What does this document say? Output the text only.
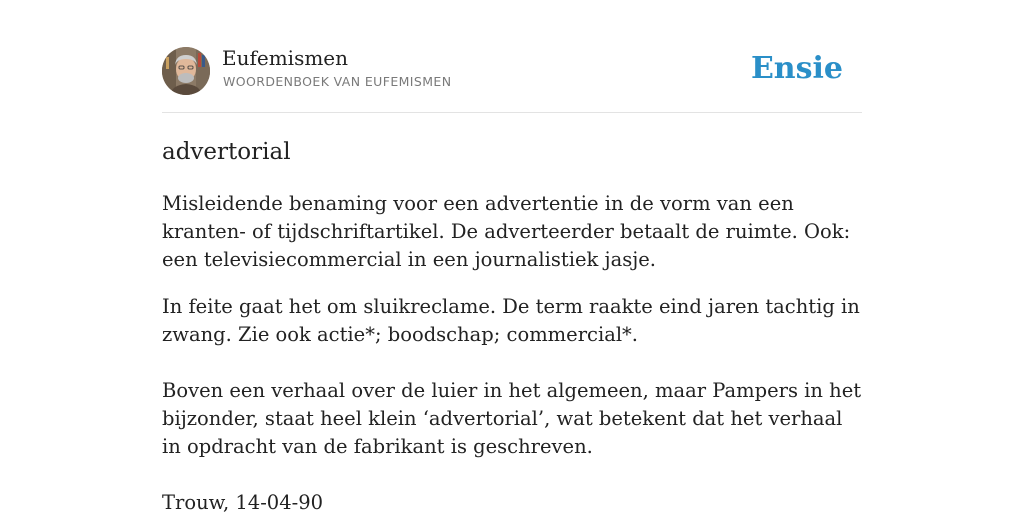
Eufemismen
WOORDENBOEK VAN EUFEMISMEN	Ensie
advertorial

Misleidende benaming voor een advertentie in de vorm van een kranten- of tijdschriftartikel. De adverteerder betaalt de ruimte. Ook: een televisiecommercial in een journalistiek jasje.

In feite gaat het om sluikreclame. De term raakte eind jaren tachtig in zwang. Zie ook actie*; boodschap; commercial*.

Boven een verhaal over de luier in het algemeen, maar Pampers in het bijzonder, staat heel klein ‘advertorial’, wat betekent dat het verhaal in opdracht van de fabrikant is geschreven.

Trouw, 14-04-90
